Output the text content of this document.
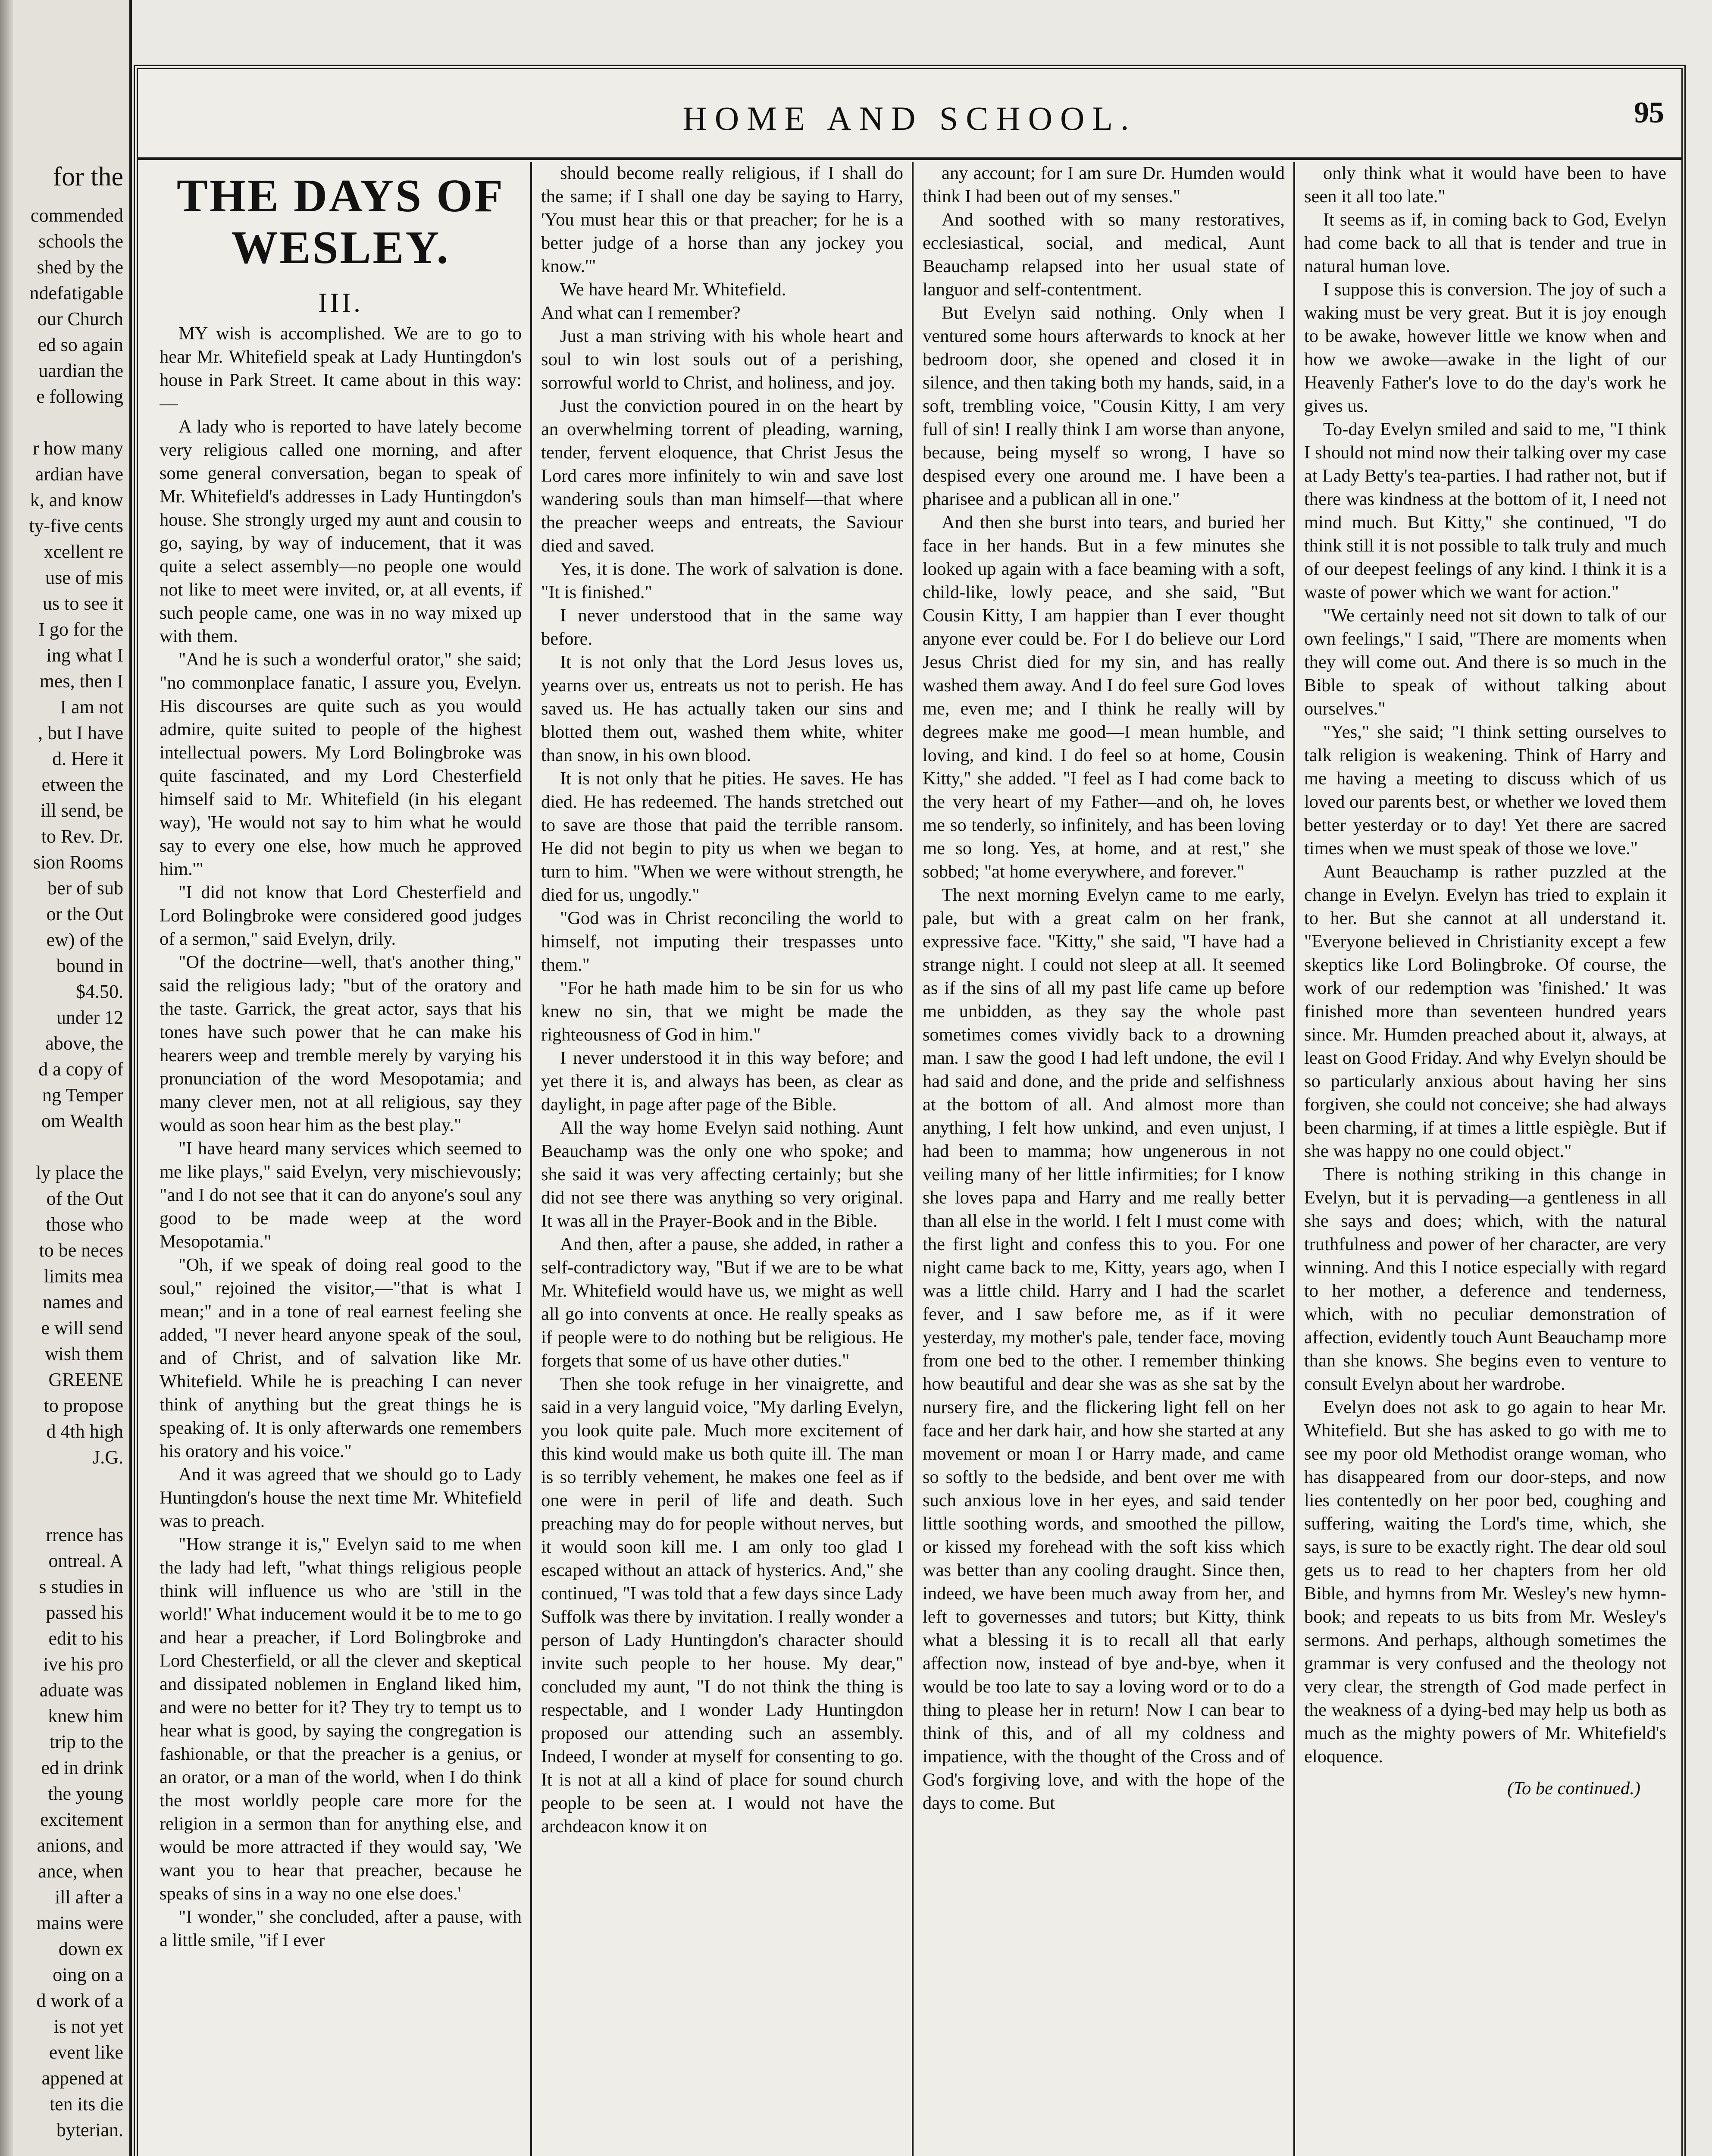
for the
commended
schools the
shed by the
ndefatigable
our Church
ed so again
uardian the
e following
r how many
ardian have
k, and know
ty-five cents
xcellent re
use of mis
us to see it
I go for the
ing what I
mes, then I
I am not
, but I have
d. Here it
etween the
ill send, be
to Rev. Dr.
sion Rooms
ber of sub
or the Out
ew) of the
bound in
$4.50.
under 12
above, the
d a copy of
ng Temper
om Wealth
ly place the
of the Out
those who
to be neces
limits mea
names and
e will send
wish them
GREENE
to propose
d 4th high
J.G.
rrence has
ontreal. A
s studies in
passed his
edit to his
ive his pro
aduate was
knew him
trip to the
ed in drink
the young
excitement
anions, and
ance, when
ill after a
mains were
down ex
oing on a
d work of a
is not yet
event like
appened at
ten its die
byterian.
HOME AND SCHOOL.	95
THE DAYS OF WESLEY.
III.

MY wish is accomplished. We are to go to hear Mr. Whitefield speak at Lady Huntingdon's house in Park Street. It came about in this way:—

A lady who is reported to have lately become very religious called one morning, and after some general conversation, began to speak of Mr. Whitefield's addresses in Lady Huntingdon's house. She strongly urged my aunt and cousin to go, saying, by way of inducement, that it was quite a select assembly—no people one would not like to meet were invited, or, at all events, if such people came, one was in no way mixed up with them.

"And he is such a wonderful orator," she said; "no commonplace fanatic, I assure you, Evelyn. His discourses are quite such as you would admire, quite suited to people of the highest intellectual powers. My Lord Bolingbroke was quite fascinated, and my Lord Chesterfield himself said to Mr. Whitefield (in his elegant way), 'He would not say to him what he would say to every one else, how much he approved him.'"

"I did not know that Lord Chesterfield and Lord Bolingbroke were considered good judges of a sermon," said Evelyn, drily.

"Of the doctrine—well, that's another thing," said the religious lady; "but of the oratory and the taste. Garrick, the great actor, says that his tones have such power that he can make his hearers weep and tremble merely by varying his pronunciation of the word Mesopotamia; and many clever men, not at all religious, say they would as soon hear him as the best play."

"I have heard many services which seemed to me like plays," said Evelyn, very mischievously; "and I do not see that it can do anyone's soul any good to be made weep at the word Mesopotamia."

"Oh, if we speak of doing real good to the soul," rejoined the visitor,—"that is what I mean;" and in a tone of real earnest feeling she added, "I never heard anyone speak of the soul, and of Christ, and of salvation like Mr. Whitefield. While he is preaching I can never think of anything but the great things he is speaking of. It is only afterwards one remembers his oratory and his voice."

And it was agreed that we should go to Lady Huntingdon's house the next time Mr. Whitefield was to preach.

"How strange it is," Evelyn said to me when the lady had left, "what things religious people think will influence us who are 'still in the world!' What inducement would it be to me to go and hear a preacher, if Lord Bolingbroke and Lord Chesterfield, or all the clever and skeptical and dissipated noblemen in England liked him, and were no better for it? They try to tempt us to hear what is good, by saying the congregation is fashionable, or that the preacher is a genius, or an orator, or a man of the world, when I do think the most worldly people care more for the religion in a sermon than for anything else, and would be more attracted if they would say, 'We want you to hear that preacher, because he speaks of sins in a way no one else does.'

"I wonder," she concluded, after a pause, with a little smile, "if I ever

should become really religious, if I shall do the same; if I shall one day be saying to Harry, 'You must hear this or that preacher; for he is a better judge of a horse than any jockey you know.'"

We have heard Mr. Whitefield.

And what can I remember?

Just a man striving with his whole heart and soul to win lost souls out of a perishing, sorrowful world to Christ, and holiness, and joy.

Just the conviction poured in on the heart by an overwhelming torrent of pleading, warning, tender, fervent eloquence, that Christ Jesus the Lord cares more infinitely to win and save lost wandering souls than man himself—that where the preacher weeps and entreats, the Saviour died and saved.

Yes, it is done. The work of salvation is done. "It is finished."

I never understood that in the same way before.

It is not only that the Lord Jesus loves us, yearns over us, entreats us not to perish. He has saved us. He has actually taken our sins and blotted them out, washed them white, whiter than snow, in his own blood.

It is not only that he pities. He saves. He has died. He has redeemed. The hands stretched out to save are those that paid the terrible ransom. He did not begin to pity us when we began to turn to him. "When we were without strength, he died for us, ungodly."

"God was in Christ reconciling the world to himself, not imputing their trespasses unto them."

"For he hath made him to be sin for us who knew no sin, that we might be made the righteousness of God in him."

I never understood it in this way before; and yet there it is, and always has been, as clear as daylight, in page after page of the Bible.

All the way home Evelyn said nothing. Aunt Beauchamp was the only one who spoke; and she said it was very affecting certainly; but she did not see there was anything so very original. It was all in the Prayer-Book and in the Bible.

And then, after a pause, she added, in rather a self-contradictory way, "But if we are to be what Mr. Whitefield would have us, we might as well all go into convents at once. He really speaks as if people were to do nothing but be religious. He forgets that some of us have other duties."

Then she took refuge in her vinaigrette, and said in a very languid voice, "My darling Evelyn, you look quite pale. Much more excitement of this kind would make us both quite ill. The man is so terribly vehement, he makes one feel as if one were in peril of life and death. Such preaching may do for people without nerves, but it would soon kill me. I am only too glad I escaped without an attack of hysterics. And," she continued, "I was told that a few days since Lady Suffolk was there by invitation. I really wonder a person of Lady Huntingdon's character should invite such people to her house. My dear," concluded my aunt, "I do not think the thing is respectable, and I wonder Lady Huntingdon proposed our attending such an assembly. Indeed, I wonder at myself for consenting to go. It is not at all a kind of place for sound church people to be seen at. I would not have the archdeacon know it on

any account; for I am sure Dr. Humden would think I had been out of my senses."

And soothed with so many restoratives, ecclesiastical, social, and medical, Aunt Beauchamp relapsed into her usual state of languor and self-contentment.

But Evelyn said nothing. Only when I ventured some hours afterwards to knock at her bedroom door, she opened and closed it in silence, and then taking both my hands, said, in a soft, trembling voice, "Cousin Kitty, I am very full of sin! I really think I am worse than anyone, because, being myself so wrong, I have so despised every one around me. I have been a pharisee and a publican all in one."

And then she burst into tears, and buried her face in her hands. But in a few minutes she looked up again with a face beaming with a soft, child-like, lowly peace, and she said, "But Cousin Kitty, I am happier than I ever thought anyone ever could be. For I do believe our Lord Jesus Christ died for my sin, and has really washed them away. And I do feel sure God loves me, even me; and I think he really will by degrees make me good—I mean humble, and loving, and kind. I do feel so at home, Cousin Kitty," she added. "I feel as I had come back to the very heart of my Father—and oh, he loves me so tenderly, so infinitely, and has been loving me so long. Yes, at home, and at rest," she sobbed; "at home everywhere, and forever."

The next morning Evelyn came to me early, pale, but with a great calm on her frank, expressive face. "Kitty," she said, "I have had a strange night. I could not sleep at all. It seemed as if the sins of all my past life came up before me unbidden, as they say the whole past sometimes comes vividly back to a drowning man. I saw the good I had left undone, the evil I had said and done, and the pride and selfishness at the bottom of all. And almost more than anything, I felt how unkind, and even unjust, I had been to mamma; how ungenerous in not veiling many of her little infirmities; for I know she loves papa and Harry and me really better than all else in the world. I felt I must come with the first light and confess this to you. For one night came back to me, Kitty, years ago, when I was a little child. Harry and I had the scarlet fever, and I saw before me, as if it were yesterday, my mother's pale, tender face, moving from one bed to the other. I remember thinking how beautiful and dear she was as she sat by the nursery fire, and the flickering light fell on her face and her dark hair, and how she started at any movement or moan I or Harry made, and came so softly to the bedside, and bent over me with such anxious love in her eyes, and said tender little soothing words, and smoothed the pillow, or kissed my forehead with the soft kiss which was better than any cooling draught. Since then, indeed, we have been much away from her, and left to governesses and tutors; but Kitty, think what a blessing it is to recall all that early affection now, instead of bye and-bye, when it would be too late to say a loving word or to do a thing to please her in return! Now I can bear to think of this, and of all my coldness and impatience, with the thought of the Cross and of God's forgiving love, and with the hope of the days to come. But

only think what it would have been to have seen it all too late."

It seems as if, in coming back to God, Evelyn had come back to all that is tender and true in natural human love.

I suppose this is conversion. The joy of such a waking must be very great. But it is joy enough to be awake, however little we know when and how we awoke—awake in the light of our Heavenly Father's love to do the day's work he gives us.

To-day Evelyn smiled and said to me, "I think I should not mind now their talking over my case at Lady Betty's tea-parties. I had rather not, but if there was kindness at the bottom of it, I need not mind much. But Kitty," she continued, "I do think still it is not possible to talk truly and much of our deepest feelings of any kind. I think it is a waste of power which we want for action."

"We certainly need not sit down to talk of our own feelings," I said, "There are moments when they will come out. And there is so much in the Bible to speak of without talking about ourselves."

"Yes," she said; "I think setting ourselves to talk religion is weakening. Think of Harry and me having a meeting to discuss which of us loved our parents best, or whether we loved them better yesterday or to day! Yet there are sacred times when we must speak of those we love."

Aunt Beauchamp is rather puzzled at the change in Evelyn. Evelyn has tried to explain it to her. But she cannot at all understand it. "Everyone believed in Christianity except a few skeptics like Lord Bolingbroke. Of course, the work of our redemption was 'finished.' It was finished more than seventeen hundred years since. Mr. Humden preached about it, always, at least on Good Friday. And why Evelyn should be so particularly anxious about having her sins forgiven, she could not conceive; she had always been charming, if at times a little espiègle. But if she was happy no one could object."

There is nothing striking in this change in Evelyn, but it is pervading—a gentleness in all she says and does; which, with the natural truthfulness and power of her character, are very winning. And this I notice especially with regard to her mother, a deference and tenderness, which, with no peculiar demonstration of affection, evidently touch Aunt Beauchamp more than she knows. She begins even to venture to consult Evelyn about her wardrobe.

Evelyn does not ask to go again to hear Mr. Whitefield. But she has asked to go with me to see my poor old Methodist orange woman, who has disappeared from our door-steps, and now lies contentedly on her poor bed, coughing and suffering, waiting the Lord's time, which, she says, is sure to be exactly right. The dear old soul gets us to read to her chapters from her old Bible, and hymns from Mr. Wesley's new hymn-book; and repeats to us bits from Mr. Wesley's sermons. And perhaps, although sometimes the grammar is very confused and the theology not very clear, the strength of God made perfect in the weakness of a dying-bed may help us both as much as the mighty powers of Mr. Whitefield's eloquence.

(To be continued.)
